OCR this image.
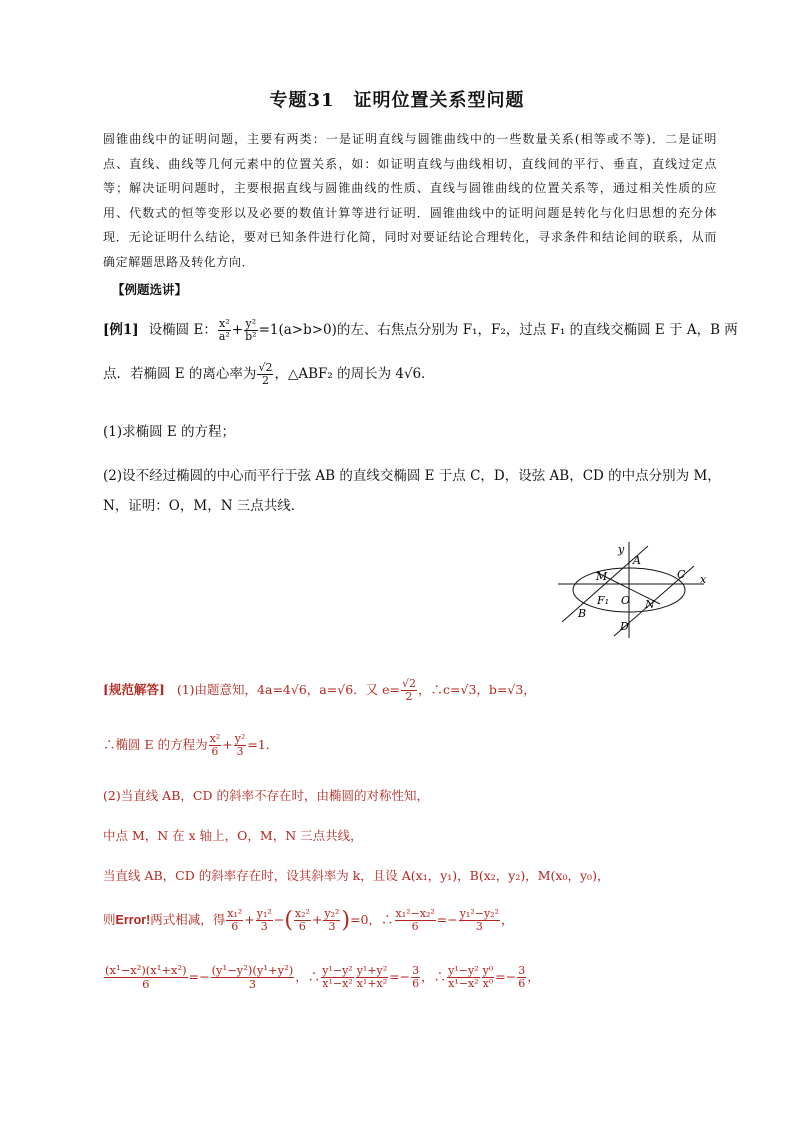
专题31　证明位置关系型问题
圆锥曲线中的证明问题，主要有两类：一是证明直线与圆锥曲线中的一些数量关系(相等或不等)．二是证明点、直线、曲线等几何元素中的位置关系，如：如证明直线与曲线相切，直线间的平行、垂直，直线过定点等；解决证明问题时，主要根据直线与圆锥曲线的性质、直线与圆锥曲线的位置关系等，通过相关性质的应用、代数式的恒等变形以及必要的数值计算等进行证明．圆锥曲线中的证明问题是转化与化归思想的充分体现．无论证明什么结论，要对已知条件进行化简，同时对要证结论合理转化，寻求条件和结论间的联系，从而确定解题思路及转化方向．
【例题选讲】
[例1] 设椭圆 E： $\frac{\text{x²}}{\text{a²}} + \frac{\text{y²}}{\text{b²}} =1(a>b>0)$的左、右焦点分别为 F₁，F₂，过点 F₁ 的直线交椭圆 E 于 A，B 两
点．若椭圆 E 的离心率为 $\frac{√2}{2}$ ，△ABF₂ 的周长为 4√6．
(1)求椭圆 E 的方程；
(2)设不经过椭圆的中心而平行于弦 AB 的直线交椭圆 E 于点 C，D，设弦 AB，CD 的中点分别为 M，N，证明：O，M，N 三点共线．
y
x
A
M	C
F₁ O N
B
D
[规范解答] (1)由题意知，4a=4√6，a=√6．又 $e= \frac{√2}{2}$ ，∴c=√3，b=√3，
∴椭圆 E 的方程为 $\frac{\text{x²}}{6} + \frac{\text{y²}}{3} =1$．
(2)当直线 AB，CD 的斜率不存在时，由椭圆的对称性知，
中点 M，N 在 x 轴上，O，M，N 三点共线，
当直线 AB，CD 的斜率存在时，设其斜率为 k，且设 A(x₁，y₁)，B(x₂，y₂)，M(x₀，y₀)，
则Error!两式相减，得 $\frac{\text{x₁²}}{6} + \frac{\text{y₁²}}{3}$ −( $\frac{\text{x₂²}}{6} + \frac{\text{y₂²}}{3} )=0$，∴ $\frac{\text{x₁²−x₂²}}{6} =- \frac{\text{y₁²−y₂²}}{3}$ ，
$\frac{\text{(x¹−x²)(x¹+x²)}}{6} =- \frac{\text{(y¹−y²)(y¹+y²)}}{3}$ ，∴ $\frac{\text{y¹−y²}}{\text{x¹−x²}} \frac{\text{y¹+y²}}{\text{x¹+x²}} =- \frac{3}{6}$ ，∴ $\frac{\text{y¹−y²}}{\text{x¹−x²}} \frac{\text{y⁰}}{\text{x⁰}} =- \frac{3}{6}$ ，
